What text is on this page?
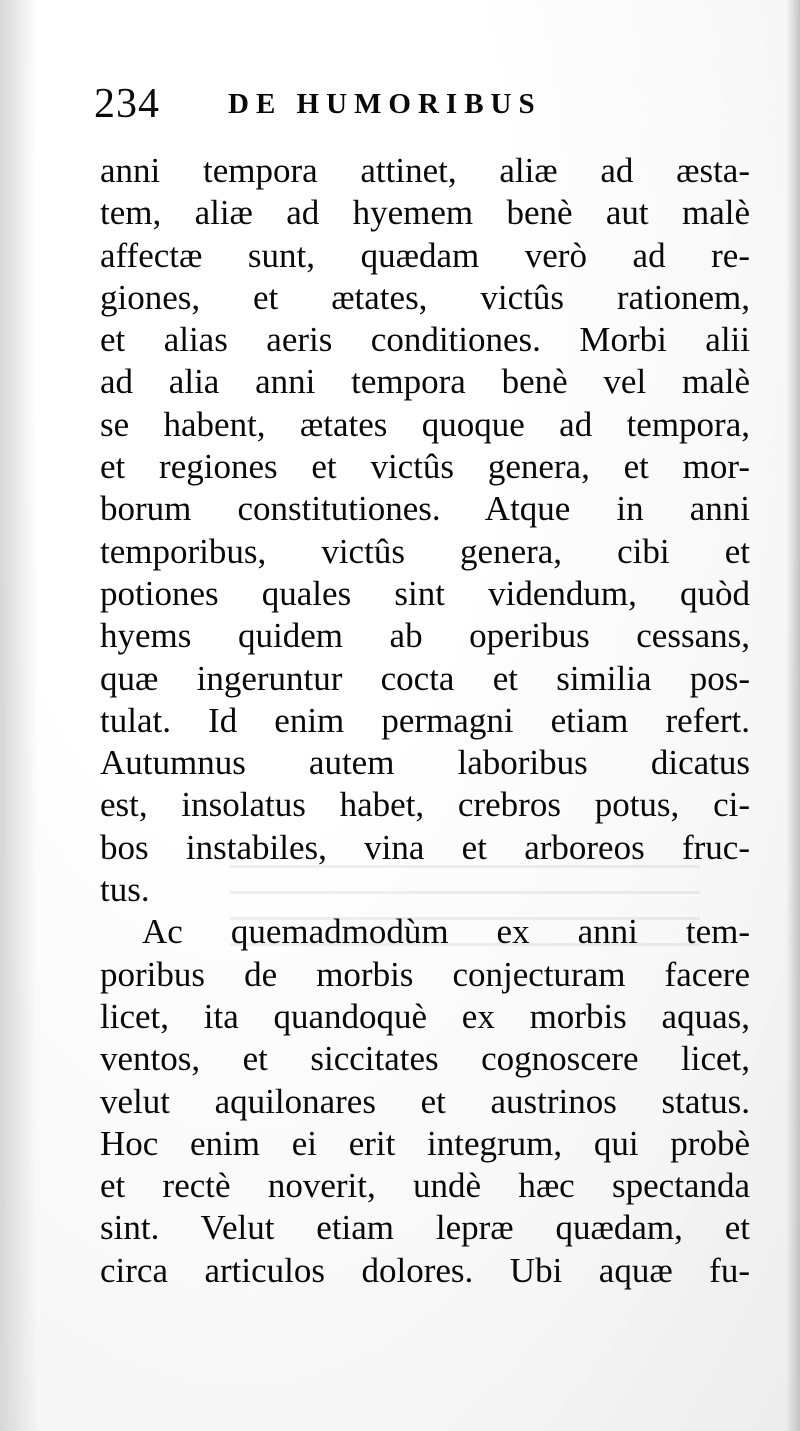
234 DE HUMORIBUS
anni tempora attinet, aliæ ad æsta-
tem, aliæ ad hyemem benè aut malè
affectæ sunt, quædam verò ad re-
giones, et ætates, victûs rationem,
et alias aeris conditiones. Morbi alii
ad alia anni tempora benè vel malè
se habent, ætates quoque ad tempora,
et regiones et victûs genera, et mor-
borum constitutiones. Atque in anni
temporibus, victûs genera, cibi et
potiones quales sint videndum, quòd
hyems quidem ab operibus cessans,
quæ ingeruntur cocta et similia pos-
tulat. Id enim permagni etiam refert.
Autumnus autem laboribus dicatus
est, insolatus habet, crebros potus, ci-
bos instabiles, vina et arboreos fruc-
tus.
Ac quemadmodùm ex anni tem-
poribus de morbis conjecturam facere
licet, ita quandoquè ex morbis aquas,
ventos, et siccitates cognoscere licet,
velut aquilonares et austrinos status.
Hoc enim ei erit integrum, qui probè
et rectè noverit, undè hæc spectanda
sint. Velut etiam lepræ quædam, et
circa articulos dolores. Ubi aquæ fu-
